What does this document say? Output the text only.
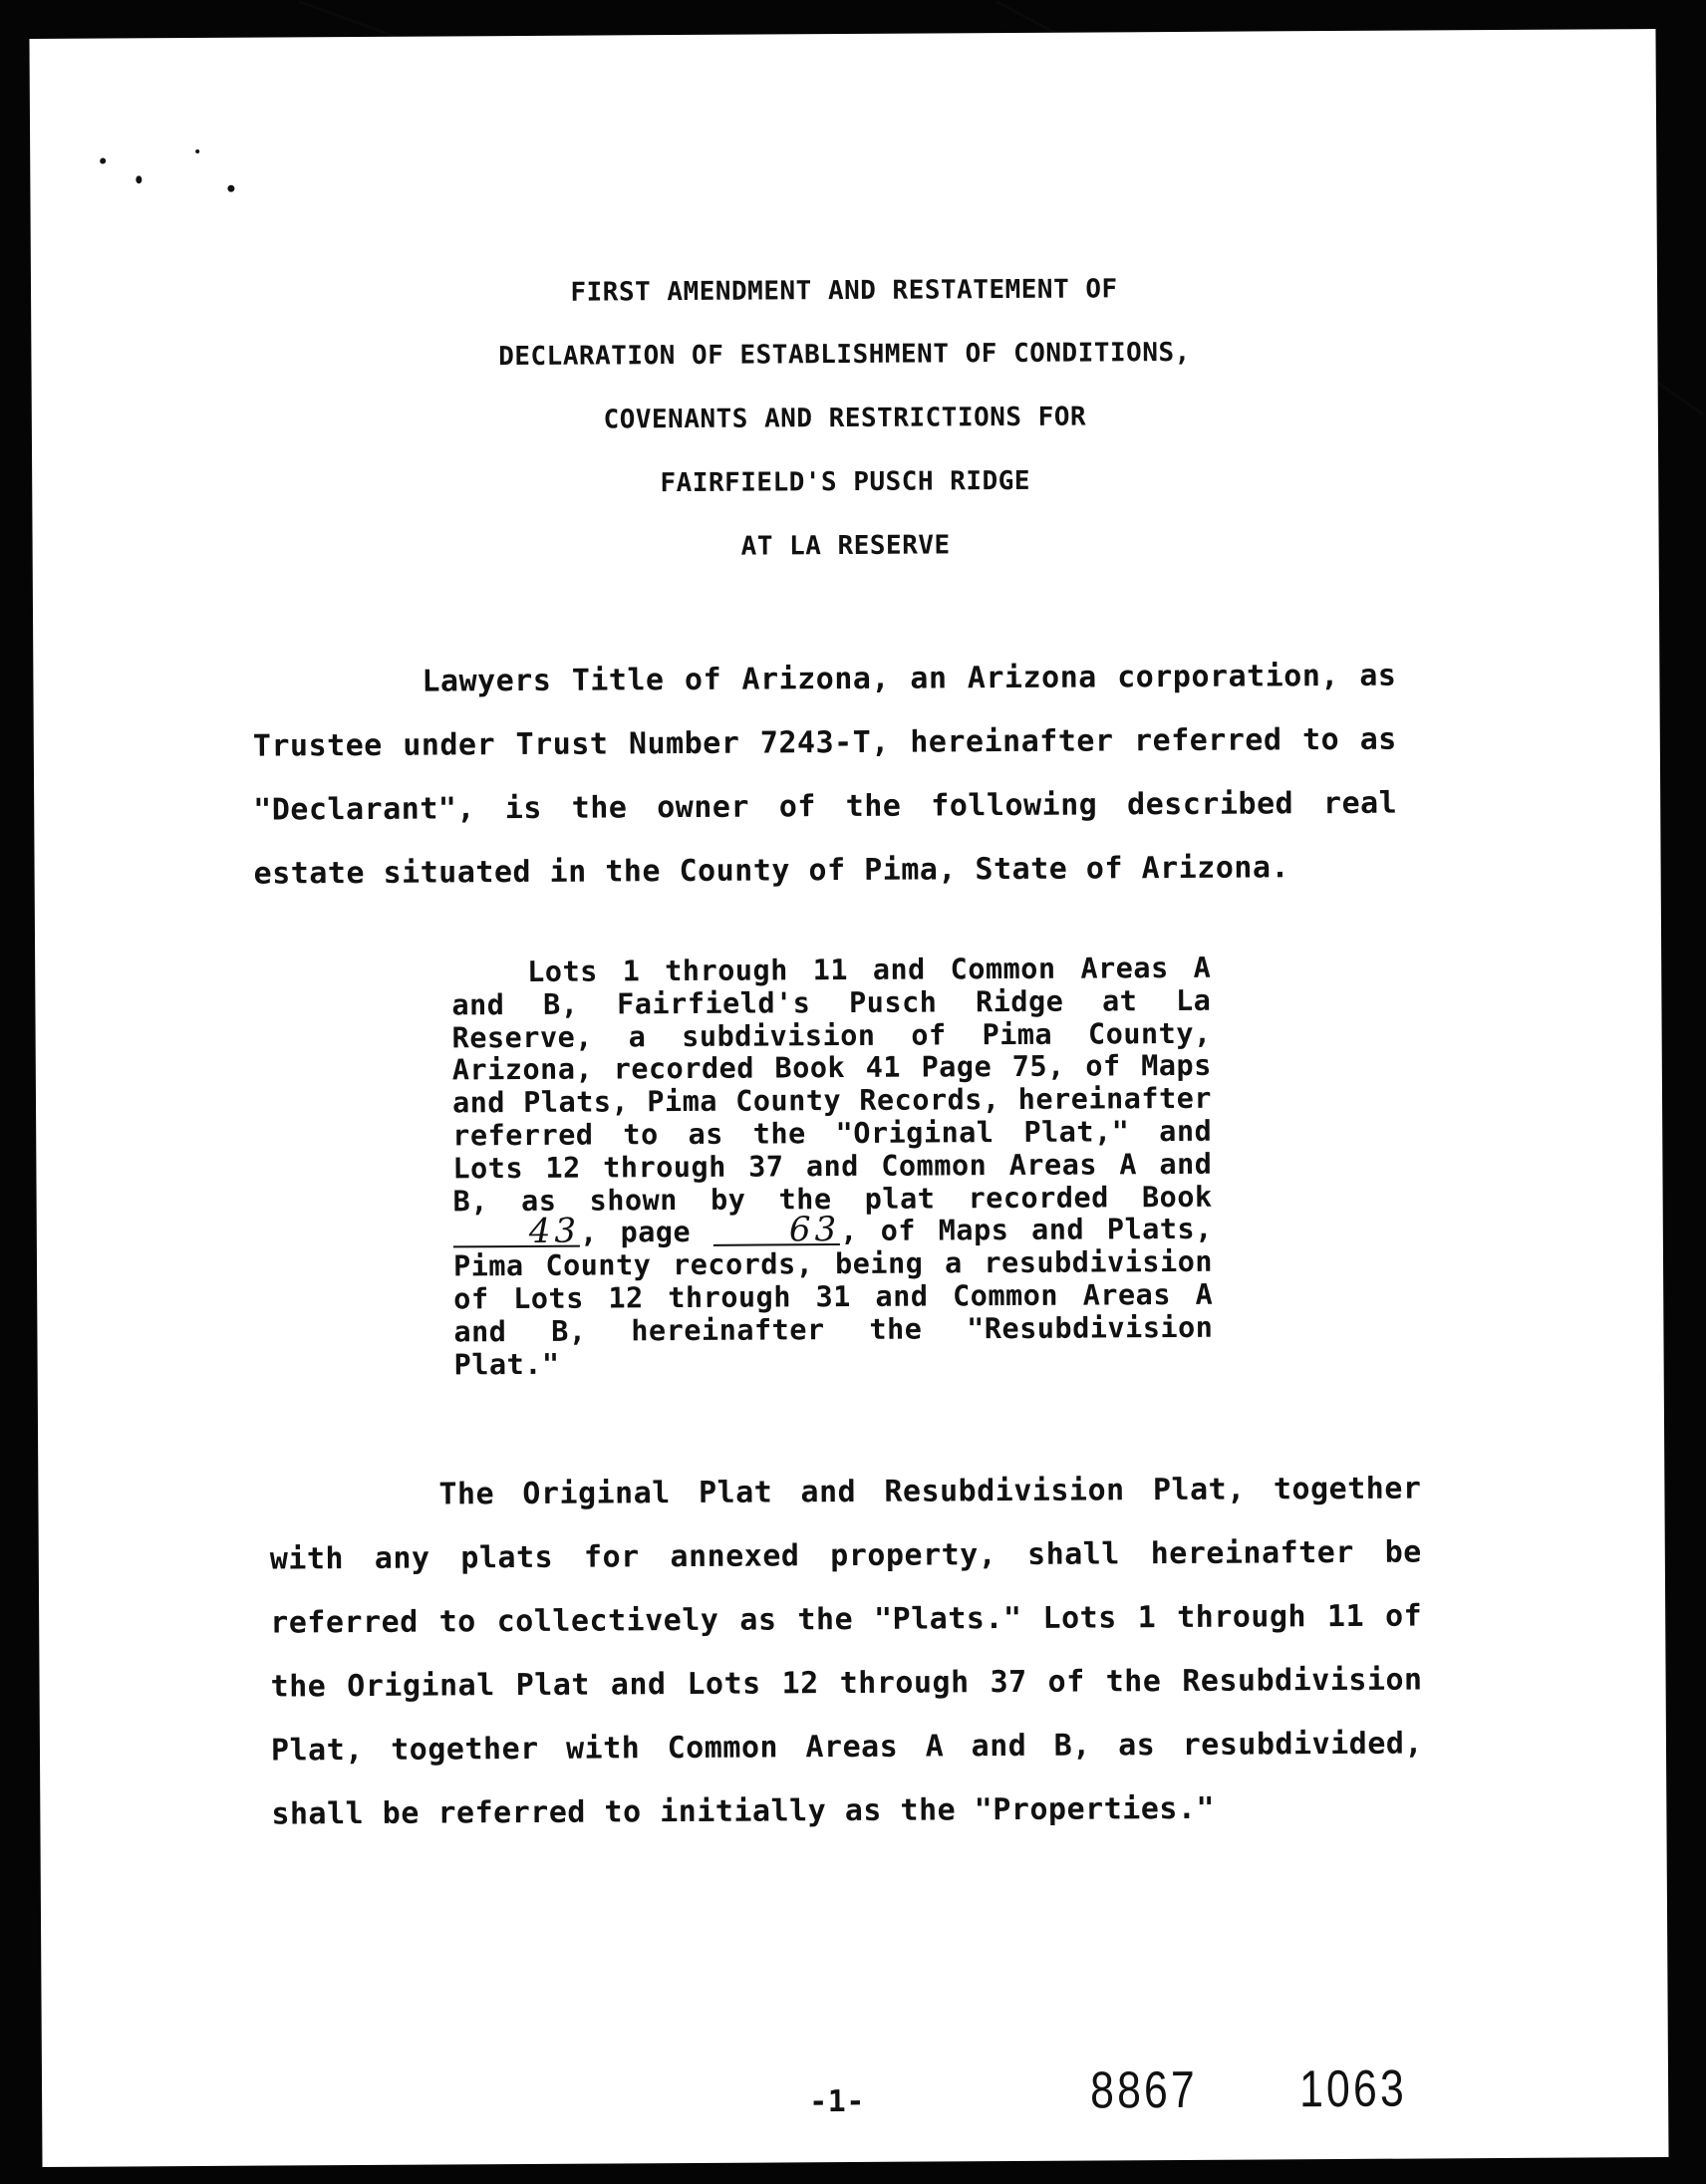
FIRST AMENDMENT AND RESTATEMENT OF
DECLARATION OF ESTABLISHMENT OF CONDITIONS,
COVENANTS AND RESTRICTIONS FOR
FAIRFIELD'S PUSCH RIDGE
AT LA RESERVE
Lawyers Title of Arizona, an Arizona corporation, as Trustee under Trust Number 7243-T, hereinafter referred to as "Declarant", is the owner of the following described real estate situated in the County of Pima, State of Arizona.
Lots 1 through 11 and Common Areas A and B, Fairfield's Pusch Ridge at La Reserve, a subdivision of Pima County, Arizona, recorded Book 41 Page 75, of Maps and Plats, Pima County Records, hereinafter referred to as the "Original Plat," and Lots 12 through 37 and Common Areas A and B, as shown by the plat recorded Book 43, page	63, of Maps and Plats, Pima County records, being a resubdivision of Lots 12 through 31 and Common Areas A and B, hereinafter the "Resubdivision Plat."
The Original Plat and Resubdivision Plat, together with any plats for annexed property, shall hereinafter be referred to collectively as the "Plats." Lots 1 through 11 of the Original Plat and Lots 12 through 37 of the Resubdivision Plat, together with Common Areas A and B, as resubdivided, shall be referred to initially as the "Properties."
-1-	8867 1063
